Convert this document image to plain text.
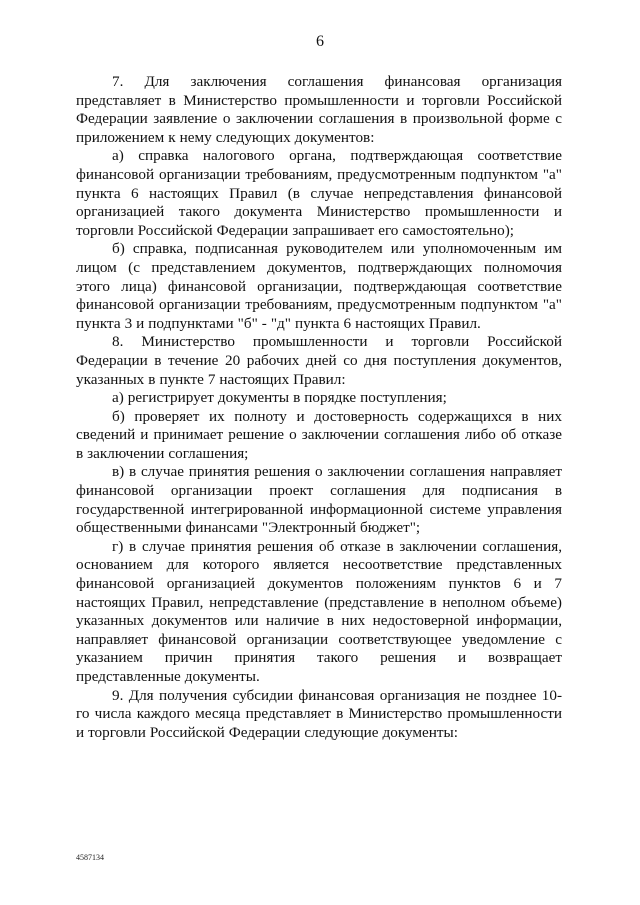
6

7. Для заключения соглашения финансовая организация представляет в Министерство промышленности и торговли Российской Федерации заявление о заключении соглашения в произвольной форме с приложением к нему следующих документов:

а) справка налогового органа, подтверждающая соответствие финансовой организации требованиям, предусмотренным подпунктом "а" пункта 6 настоящих Правил (в случае непредставления финансовой организацией такого документа Министерство промышленности и торговли Российской Федерации запрашивает его самостоятельно);

б) справка, подписанная руководителем или уполномоченным им лицом (с представлением документов, подтверждающих полномочия этого лица) финансовой организации, подтверждающая соответствие финансовой организации требованиям, предусмотренным подпунктом "а" пункта 3 и подпунктами "б" - "д" пункта 6 настоящих Правил.

8. Министерство промышленности и торговли Российской Федерации в течение 20 рабочих дней со дня поступления документов, указанных в пункте 7 настоящих Правил:

а) регистрирует документы в порядке поступления;

б) проверяет их полноту и достоверность содержащихся в них сведений и принимает решение о заключении соглашения либо об отказе в заключении соглашения;

в) в случае принятия решения о заключении соглашения направляет финансовой организации проект соглашения для подписания в государственной интегрированной информационной системе управления общественными финансами "Электронный бюджет";

г) в случае принятия решения об отказе в заключении соглашения, основанием для которого является несоответствие представленных финансовой организацией документов положениям пунктов 6 и 7 настоящих Правил, непредставление (представление в неполном объеме) указанных документов или наличие в них недостоверной информации, направляет финансовой организации соответствующее уведомление с указанием причин принятия такого решения и возвращает представленные документы.

9. Для получения субсидии финансовая организация не позднее 10-го числа каждого месяца представляет в Министерство промышленности и торговли Российской Федерации следующие документы:

4587134
